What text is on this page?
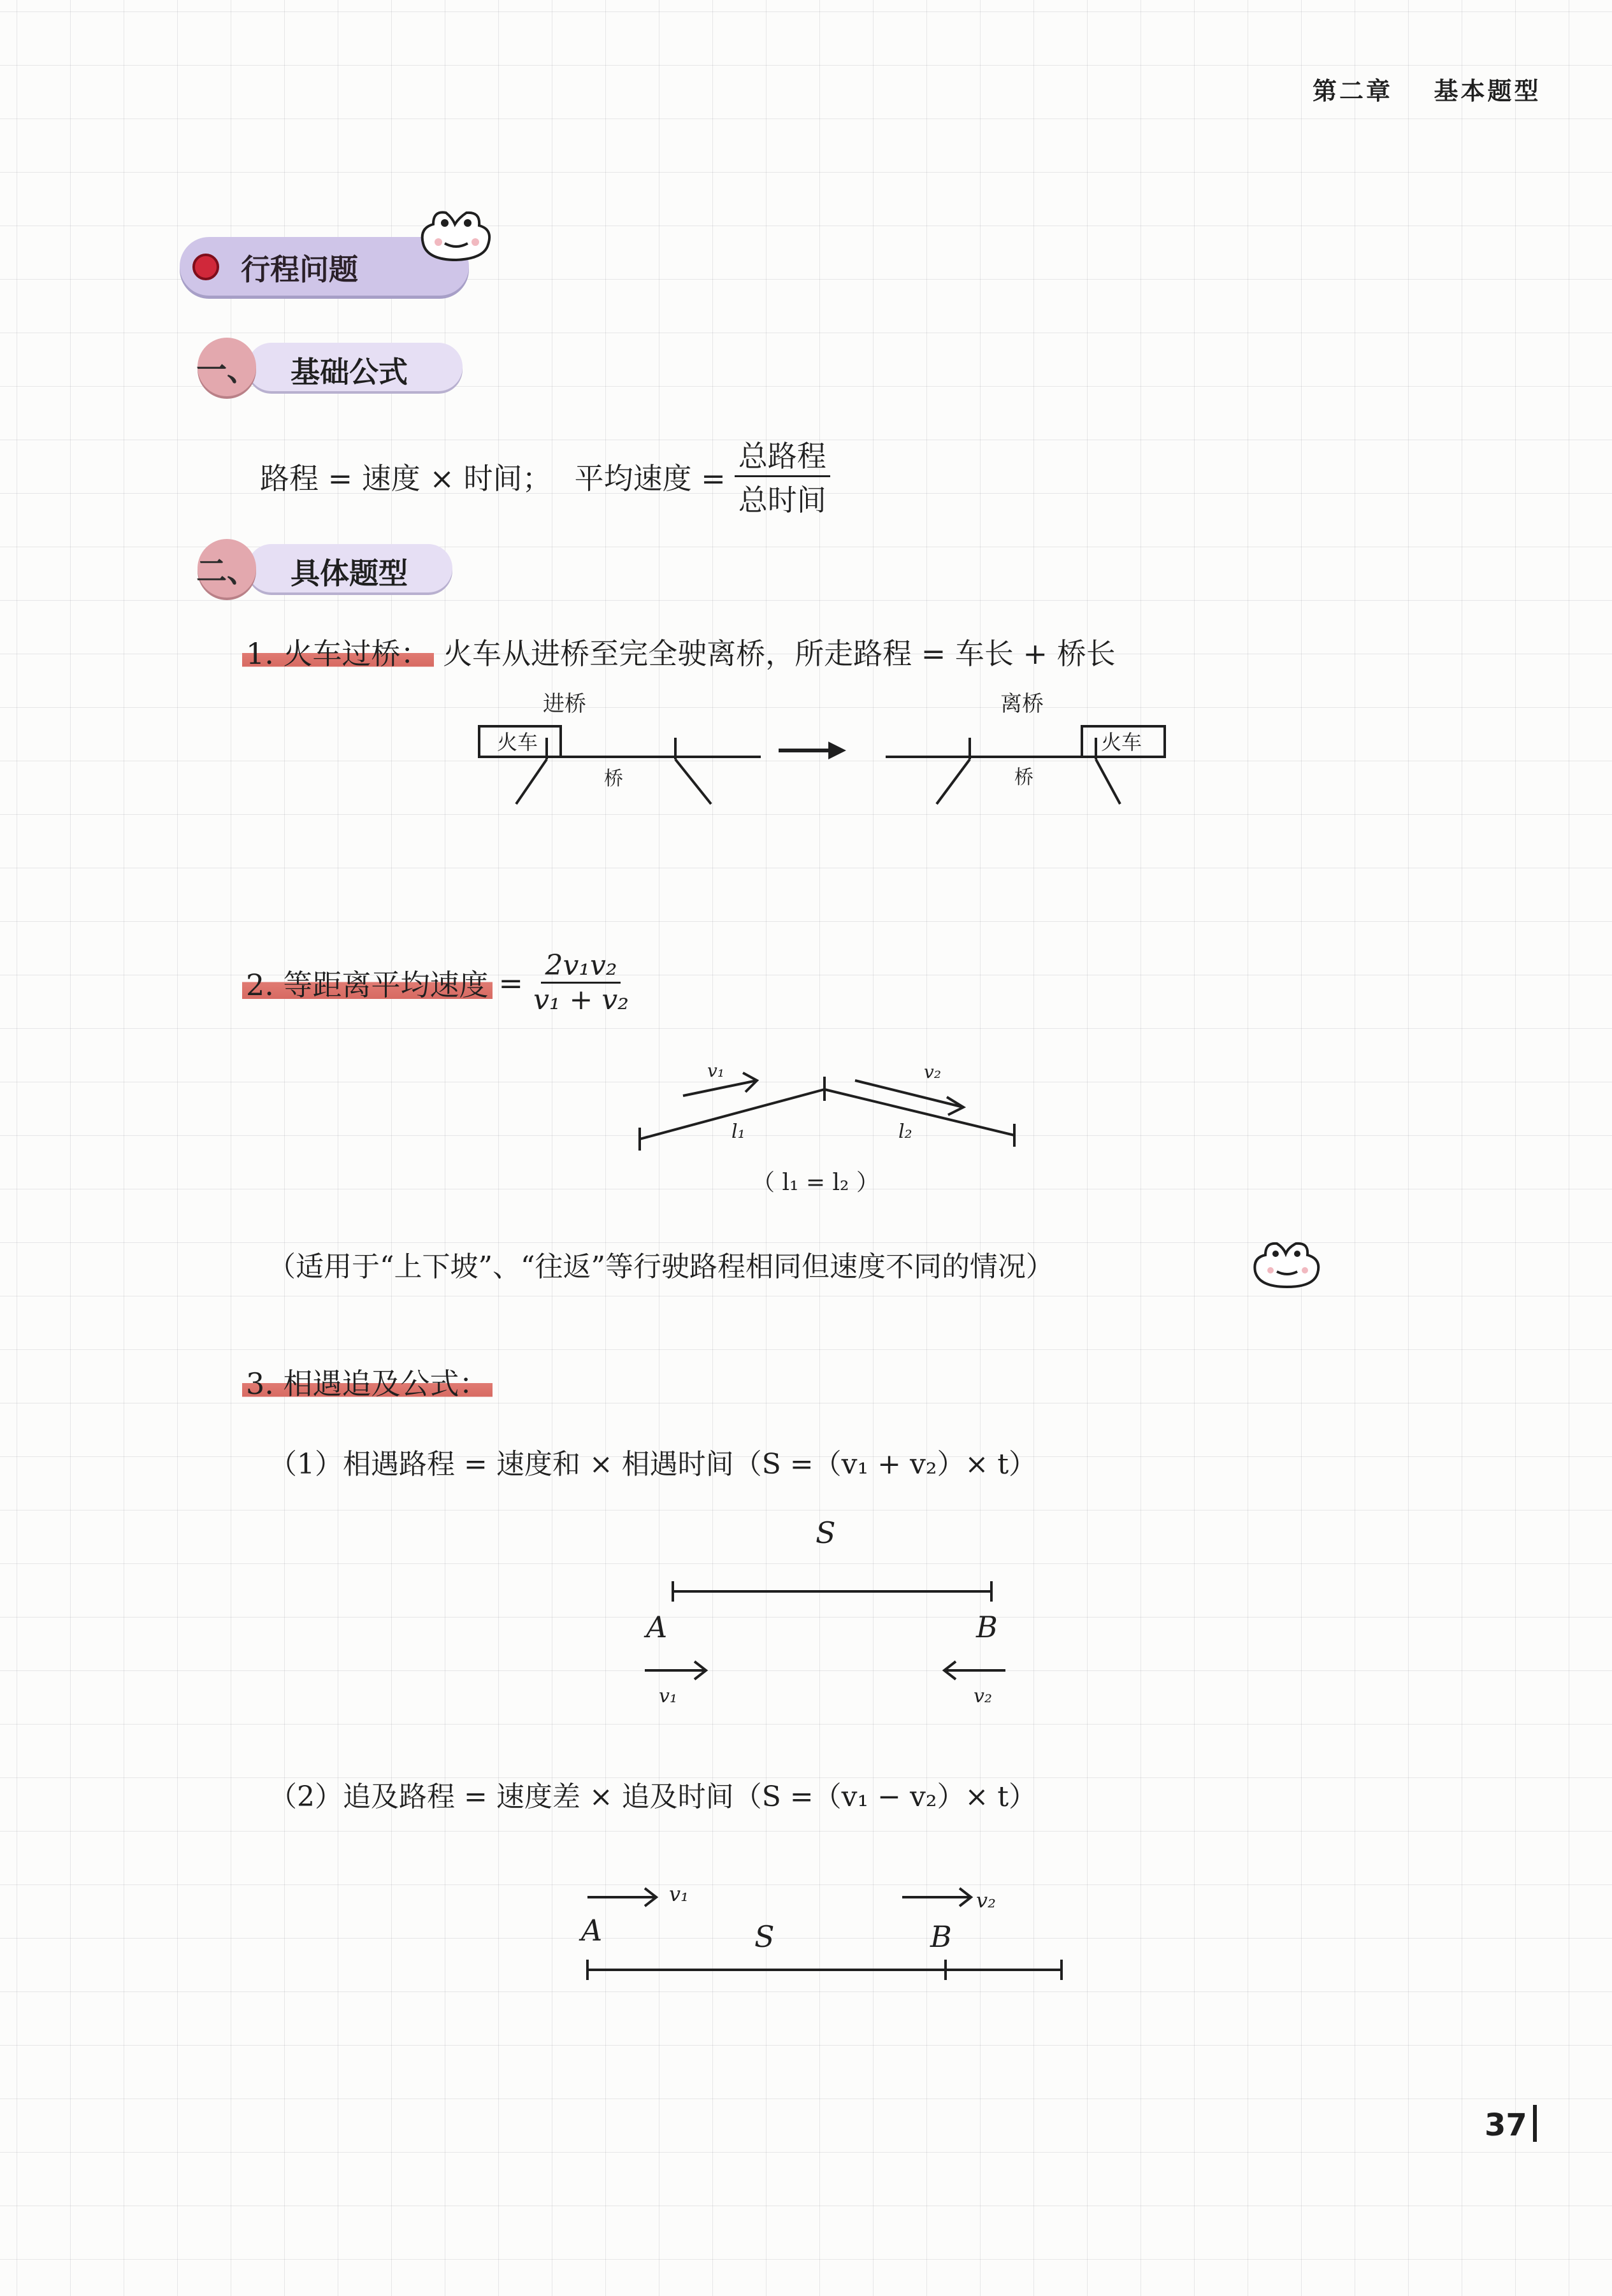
第二章 基本题型
行程问题
一、 基础公式
路程 = 速度 × 时间； 平均速度 = $\frac{\text{总路程}}{\text{总时间}}$
二、 具体题型
1. 火车过桥： 火车从进桥至完全驶离桥，所走路程 = 车长 + 桥长
进桥
火车
桥
离桥
火车
桥
2. 等距离平均速度 = $\frac{\text{2v₁v₂}}{\text{v₁ + v₂}}$
v₁	v₂
l₁	l₂
（ l₁ = l₂ ）
（适用于“上下坡”、“往返”等行驶路程相同但速度不同的情况）
3. 相遇追及公式：
（1）相遇路程 = 速度和 × 相遇时间（S =（v₁ + v₂）× t）
S
A	B
v₁	v₂
（2）追及路程 = 速度差 × 追及时间（S =（v₁ − v₂）× t）
v₁	v₂
A	S	B
37
